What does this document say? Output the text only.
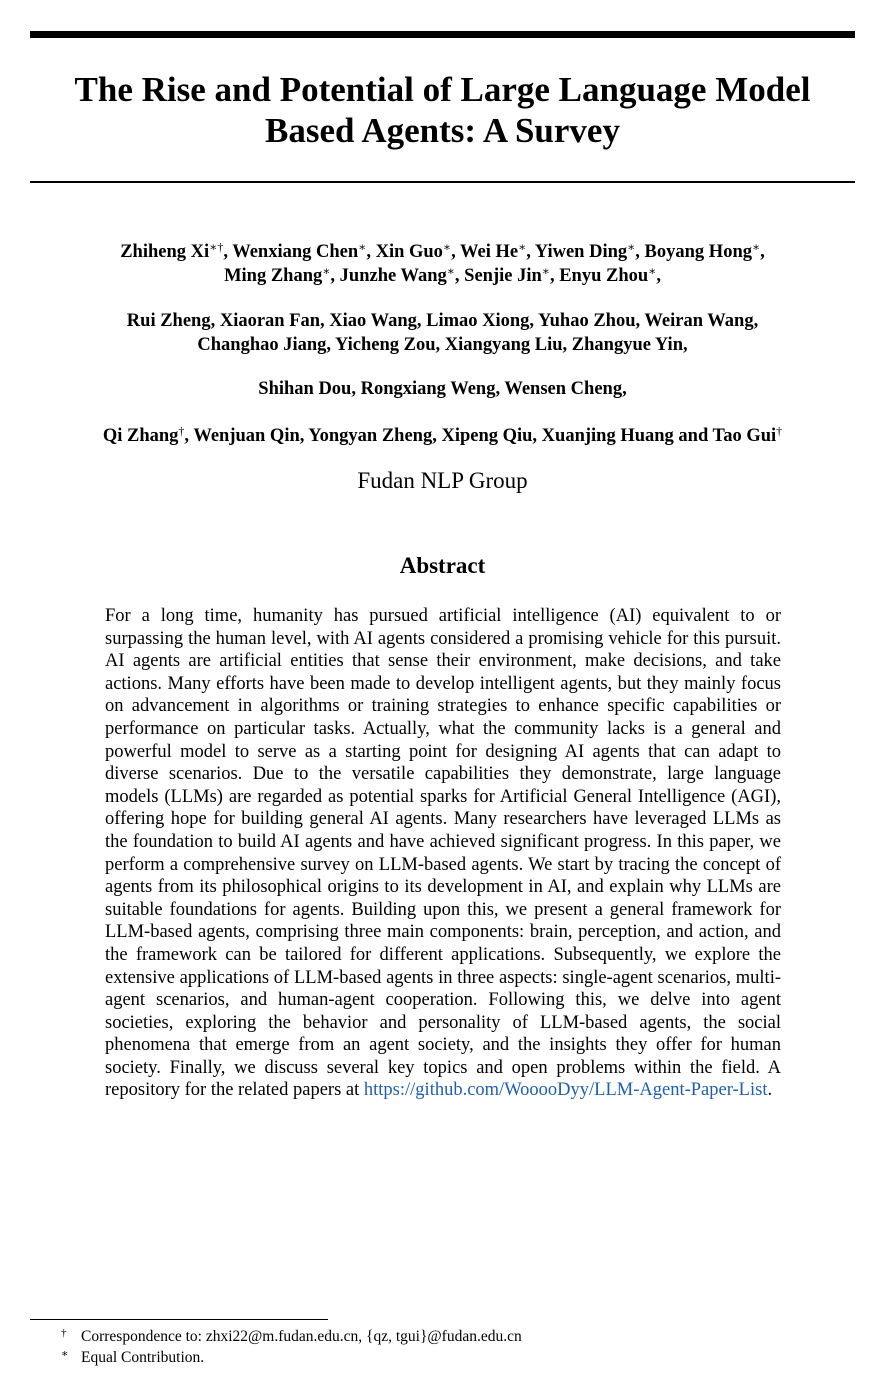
The Rise and Potential of Large Language Model
Based Agents: A Survey

Zhiheng Xi∗†, Wenxiang Chen∗, Xin Guo∗, Wei He∗, Yiwen Ding∗, Boyang Hong∗,
Ming Zhang∗, Junzhe Wang∗, Senjie Jin∗, Enyu Zhou∗,

Rui Zheng, Xiaoran Fan, Xiao Wang, Limao Xiong, Yuhao Zhou, Weiran Wang,
Changhao Jiang, Yicheng Zou, Xiangyang Liu, Zhangyue Yin,

Shihan Dou, Rongxiang Weng, Wensen Cheng,

Qi Zhang†, Wenjuan Qin, Yongyan Zheng, Xipeng Qiu, Xuanjing Huang and Tao Gui†

Fudan NLP Group
Abstract

For a long time, humanity has pursued artificial intelligence (AI) equivalent to or surpassing the human level, with AI agents considered a promising vehicle for this pursuit. AI agents are artificial entities that sense their environment, make decisions, and take actions. Many efforts have been made to develop intelligent agents, but they mainly focus on advancement in algorithms or training strategies to enhance specific capabilities or performance on particular tasks. Actually, what the community lacks is a general and powerful model to serve as a starting point for designing AI agents that can adapt to diverse scenarios. Due to the versatile capabilities they demonstrate, large language models (LLMs) are regarded as potential sparks for Artificial General Intelligence (AGI), offering hope for building general AI agents. Many researchers have leveraged LLMs as the foundation to build AI agents and have achieved significant progress. In this paper, we perform a comprehensive survey on LLM-based agents. We start by tracing the concept of agents from its philosophical origins to its development in AI, and explain why LLMs are suitable foundations for agents. Building upon this, we present a general framework for LLM-based agents, comprising three main components: brain, perception, and action, and the framework can be tailored for different applications. Subsequently, we explore the extensive applications of LLM-based agents in three aspects: single-agent scenarios, multi-agent scenarios, and human-agent cooperation. Following this, we delve into agent societies, exploring the behavior and personality of LLM-based agents, the social phenomena that emerge from an agent society, and the insights they offer for human society. Finally, we discuss several key topics and open problems within the field. A repository for the related papers at https://github.com/WooooDyy/LLM-Agent-Paper-List.

† Correspondence to: zhxi22@m.fudan.edu.cn, {qz, tgui}@fudan.edu.cn
∗ Equal Contribution.
